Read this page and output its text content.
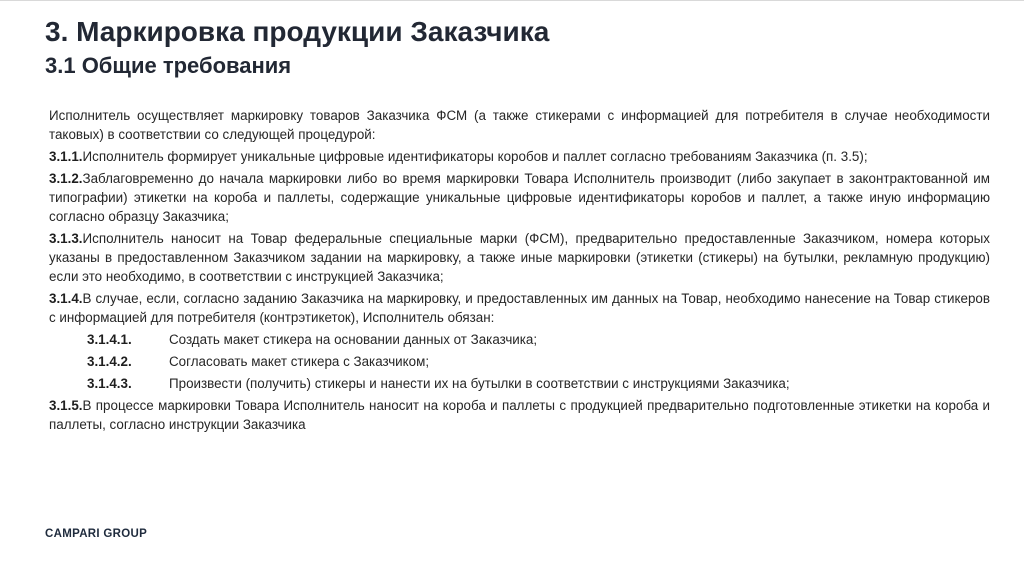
3. Маркировка продукции Заказчика
3.1 Общие требования

Исполнитель осуществляет маркировку товаров Заказчика ФСМ (а также стикерами с информацией для потребителя в случае необходимости таковых) в соответствии со следующей процедурой:

3.1.1.Исполнитель формирует уникальные цифровые идентификаторы коробов и паллет согласно требованиям Заказчика (п. 3.5);

3.1.2.Заблаговременно до начала маркировки либо во время маркировки Товара Исполнитель производит (либо закупает в законтрактованной им типографии) этикетки на короба и паллеты, содержащие уникальные цифровые идентификаторы коробов и паллет, а также иную информацию согласно образцу Заказчика;

3.1.3.Исполнитель наносит на Товар федеральные специальные марки (ФСМ), предварительно предоставленные Заказчиком, номера которых указаны в предоставленном Заказчиком задании на маркировку, а также иные маркировки (этикетки (стикеры) на бутылки, рекламную продукцию) если это необходимо, в соответствии с инструкцией Заказчика;

3.1.4.В случае, если, согласно заданию Заказчика на маркировку, и предоставленных им данных на Товар, необходимо нанесение на Товар стикеров с информацией для потребителя (контрэтикеток), Исполнитель обязан:

3.1.4.1.	Создать макет стикера на основании данных от Заказчика;
3.1.4.2.	Согласовать макет стикера с Заказчиком;
3.1.4.3.	Произвести (получить) стикеры и нанести их на бутылки в соответствии с инструкциями Заказчика;

3.1.5.В процессе маркировки Товара Исполнитель наносит на короба и паллеты с продукцией предварительно подготовленные этикетки на короба и паллеты, согласно инструкции Заказчика

CAMPARI GROUP
